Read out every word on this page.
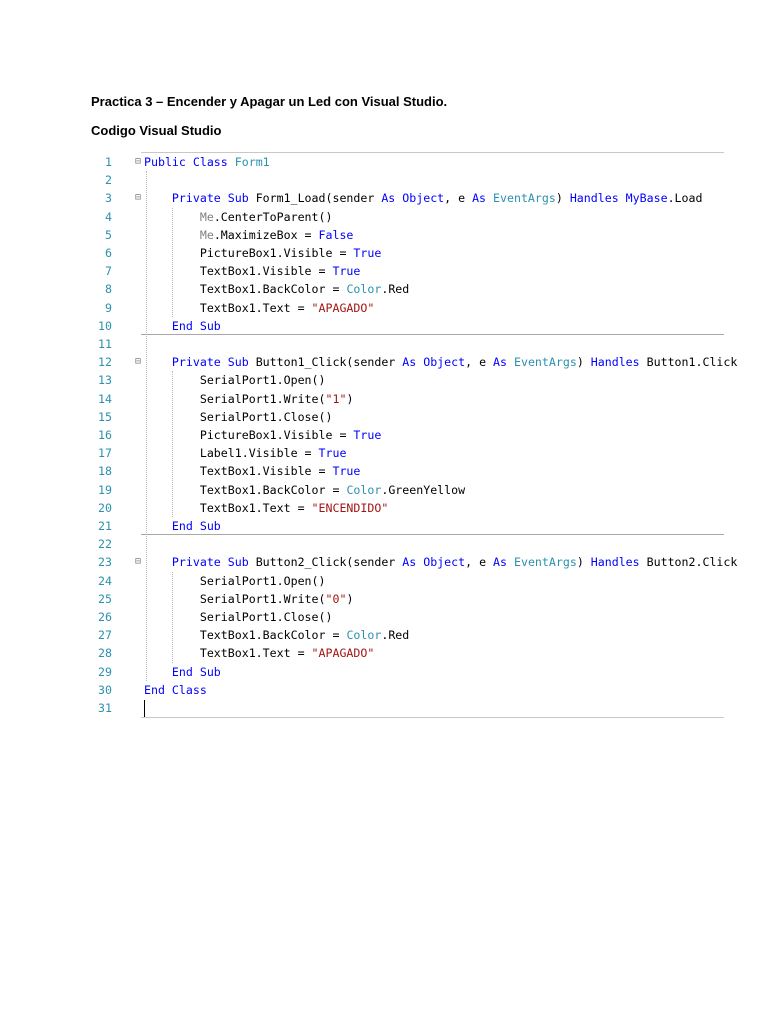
Practica 3 – Encender y Apagar un Led con Visual Studio.
Codigo Visual Studio
1 ⊟ Public Class Form1
2
3 ⊟	Private Sub Form1_Load(sender As Object, e As EventArgs) Handles MyBase.Load
4	Me.CenterToParent()
5	Me.MaximizeBox = False
6	PictureBox1.Visible = True
7	TextBox1.Visible = True
8	TextBox1.BackColor = Color.Red
9	TextBox1.Text = "APAGADO"
10	End Sub
11
12 ⊟	Private Sub Button1_Click(sender As Object, e As EventArgs) Handles Button1.Click
13	SerialPort1.Open()
14	SerialPort1.Write("1")
15	SerialPort1.Close()
16	PictureBox1.Visible = True
17	Label1.Visible = True
18	TextBox1.Visible = True
19	TextBox1.BackColor = Color.GreenYellow
20	TextBox1.Text = "ENCENDIDO"
21	End Sub
22
23 ⊟	Private Sub Button2_Click(sender As Object, e As EventArgs) Handles Button2.Click
24	SerialPort1.Open()
25	SerialPort1.Write("0")
26	SerialPort1.Close()
27	TextBox1.BackColor = Color.Red
28	TextBox1.Text = "APAGADO"
29	End Sub
30	End Class
31
